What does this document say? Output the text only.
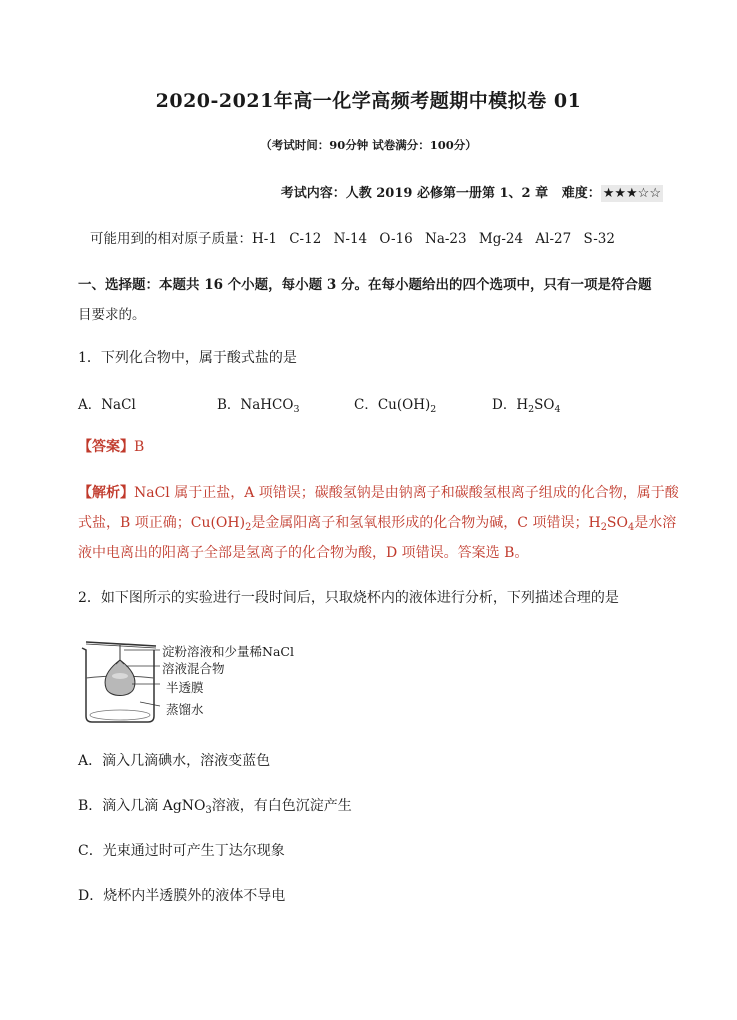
2020-2021年高一化学高频考题期中模拟卷 01
（考试时间：90分钟 试卷满分：100分）
考试内容：人教 2019 必修第一册第 1、2 章 难度： ★★★☆☆
可能用到的相对原子质量：H-1 C-12 N-14 O-16 Na-23 Mg-24 Al-27 S-32
一、选择题：本题共 16 个小题，每小题 3 分。在每小题给出的四个选项中，只有一项是符合题
目要求的。
1．下列化合物中，属于酸式盐的是
A．NaCl	B．NaHCO$_3$	C．$Cu(OH)_2$	D．$H_2SO_4$
【答案】B
【解析】NaCl 属于正盐，A 项错误；碳酸氢钠是由钠离子和碳酸氢根离子组成的化合物，属于酸
式盐，B 项正确；$Cu(OH)_2$是金属阳离子和氢氧根形成的化合物为碱，C 项错误；$H_2SO_4$是水溶
液中电离出的阳离子全部是氢离子的化合物为酸，D 项错误。答案选 B。
2．如下图所示的实验进行一段时间后，只取烧杯内的液体进行分析，下列描述合理的是
淀粉溶液和少量稀NaCl
溶液混合物
半透膜
蒸馏水
A．滴入几滴碘水，溶液变蓝色
B．滴入几滴 AgNO$_3$溶液，有白色沉淀产生
C．光束通过时可产生丁达尔现象
D．烧杯内半透膜外的液体不导电
